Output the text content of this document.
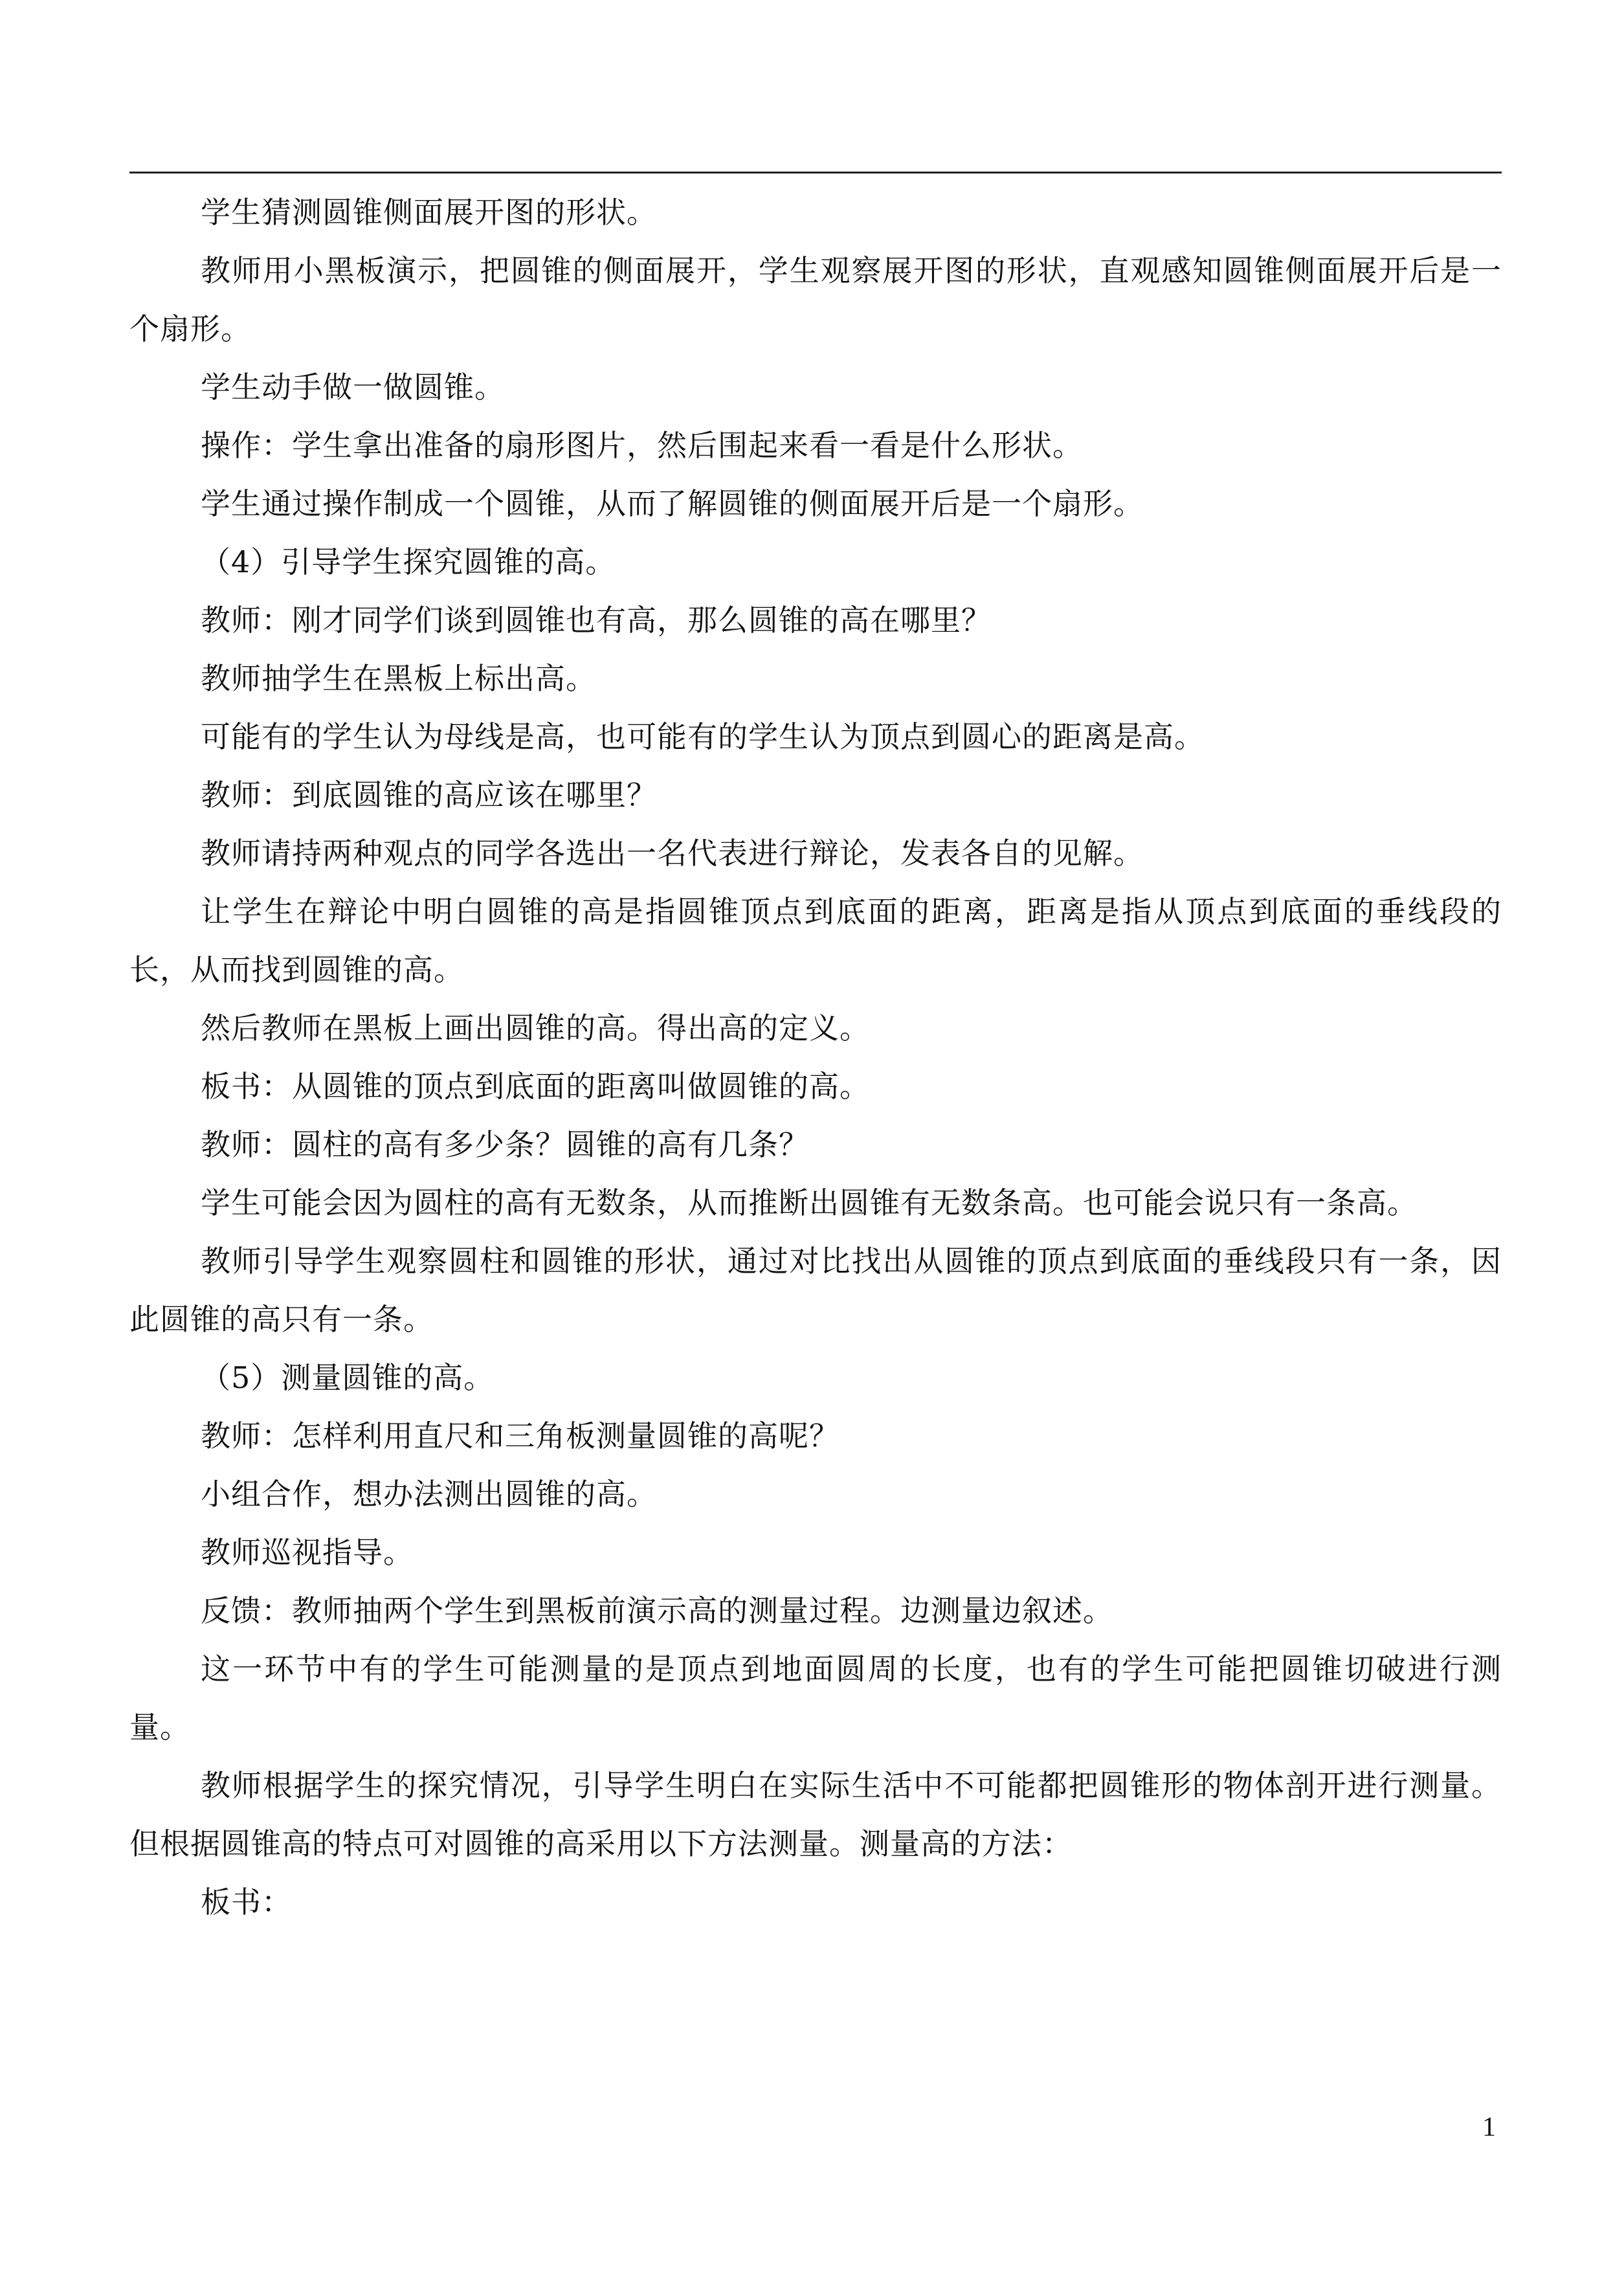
学生猜测圆锥侧面展开图的形状。

教师用小黑板演示，把圆锥的侧面展开，学生观察展开图的形状，直观感知圆锥侧面展开后是一个扇形。

学生动手做一做圆锥。

操作：学生拿出准备的扇形图片，然后围起来看一看是什么形状。

学生通过操作制成一个圆锥，从而了解圆锥的侧面展开后是一个扇形。

（4）引导学生探究圆锥的高。

教师：刚才同学们谈到圆锥也有高，那么圆锥的高在哪里？

教师抽学生在黑板上标出高。

可能有的学生认为母线是高，也可能有的学生认为顶点到圆心的距离是高。

教师：到底圆锥的高应该在哪里？

教师请持两种观点的同学各选出一名代表进行辩论，发表各自的见解。

让学生在辩论中明白圆锥的高是指圆锥顶点到底面的距离，距离是指从顶点到底面的垂线段的长，从而找到圆锥的高。

然后教师在黑板上画出圆锥的高。得出高的定义。

板书：从圆锥的顶点到底面的距离叫做圆锥的高。

教师：圆柱的高有多少条？圆锥的高有几条？

学生可能会因为圆柱的高有无数条，从而推断出圆锥有无数条高。也可能会说只有一条高。

教师引导学生观察圆柱和圆锥的形状，通过对比找出从圆锥的顶点到底面的垂线段只有一条，因此圆锥的高只有一条。

（5）测量圆锥的高。

教师：怎样利用直尺和三角板测量圆锥的高呢？

小组合作，想办法测出圆锥的高。

教师巡视指导。

反馈：教师抽两个学生到黑板前演示高的测量过程。边测量边叙述。

这一环节中有的学生可能测量的是顶点到地面圆周的长度，也有的学生可能把圆锥切破进行测量。

教师根据学生的探究情况，引导学生明白在实际生活中不可能都把圆锥形的物体剖开进行测量。但根据圆锥高的特点可对圆锥的高采用以下方法测量。测量高的方法：

板书：

1
